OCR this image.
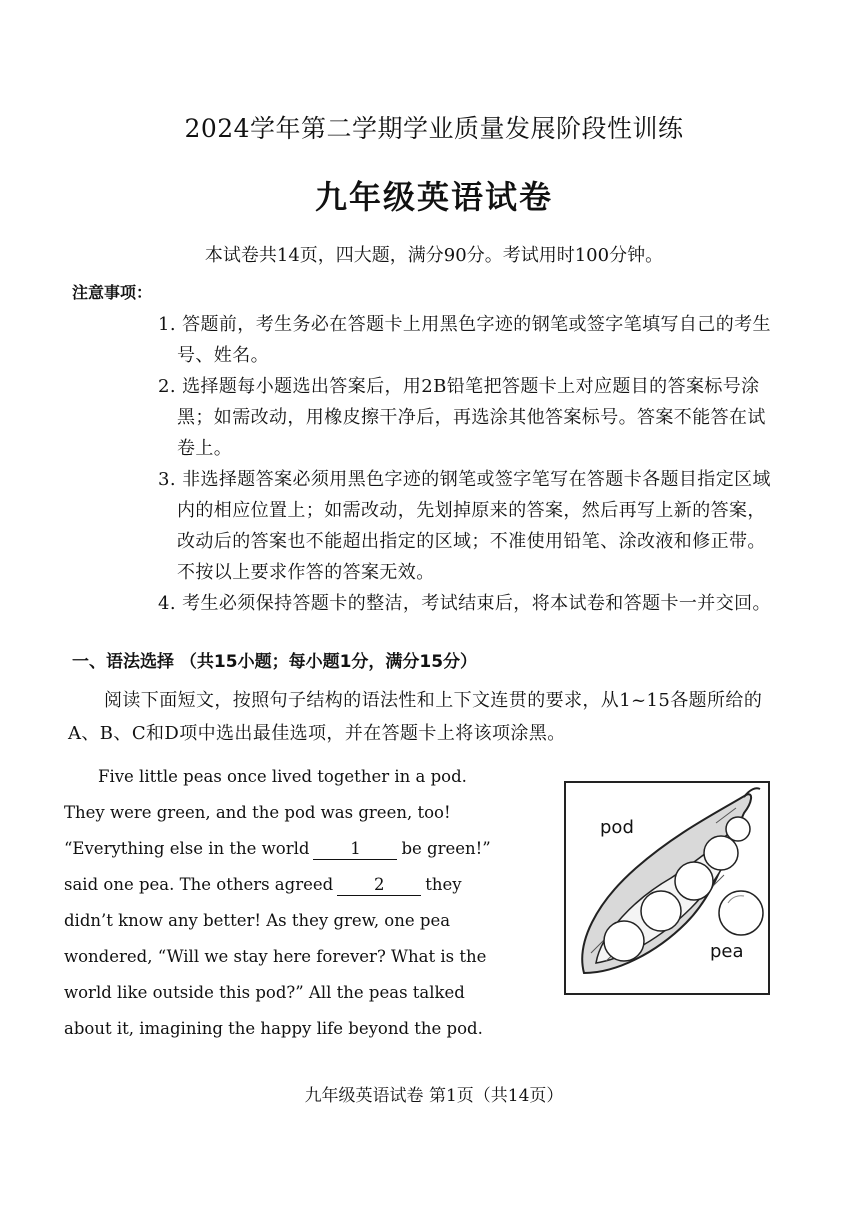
2024学年第二学期学业质量发展阶段性训练
九年级英语试卷
本试卷共14页，四大题，满分90分。考试用时100分钟。
注意事项：
1. 答题前，考生务必在答题卡上用黑色字迹的钢笔或签字笔填写自己的考生号、姓名。
2. 选择题每小题选出答案后，用2B铅笔把答题卡上对应题目的答案标号涂黑；如需改动，用橡皮擦干净后，再选涂其他答案标号。答案不能答在试卷上。
3. 非选择题答案必须用黑色字迹的钢笔或签字笔写在答题卡各题目指定区域内的相应位置上；如需改动，先划掉原来的答案，然后再写上新的答案，改动后的答案也不能超出指定的区域；不准使用铅笔、涂改液和修正带。不按以上要求作答的答案无效。
4. 考生必须保持答题卡的整洁，考试结束后，将本试卷和答题卡一并交回。
一、语法选择 （共15小题；每小题1分，满分15分）

阅读下面短文，按照句子结构的语法性和上下文连贯的要求，从1~15各题所给的A、B、C和D项中选出最佳选项，并在答题卡上将该项涂黑。

Five little peas once lived together in a pod. They were green, and the pod was green, too! “Everything else in the world 1 be green!” said one pea. The others agreed 2 they didn’t know any better! As they grew, one pea wondered, “Will we stay here forever? What is the world like outside this pod?” All the peas talked about it, imagining the happy life beyond the pod.

pod
pea
九年级英语试卷 第1页（共14页）
